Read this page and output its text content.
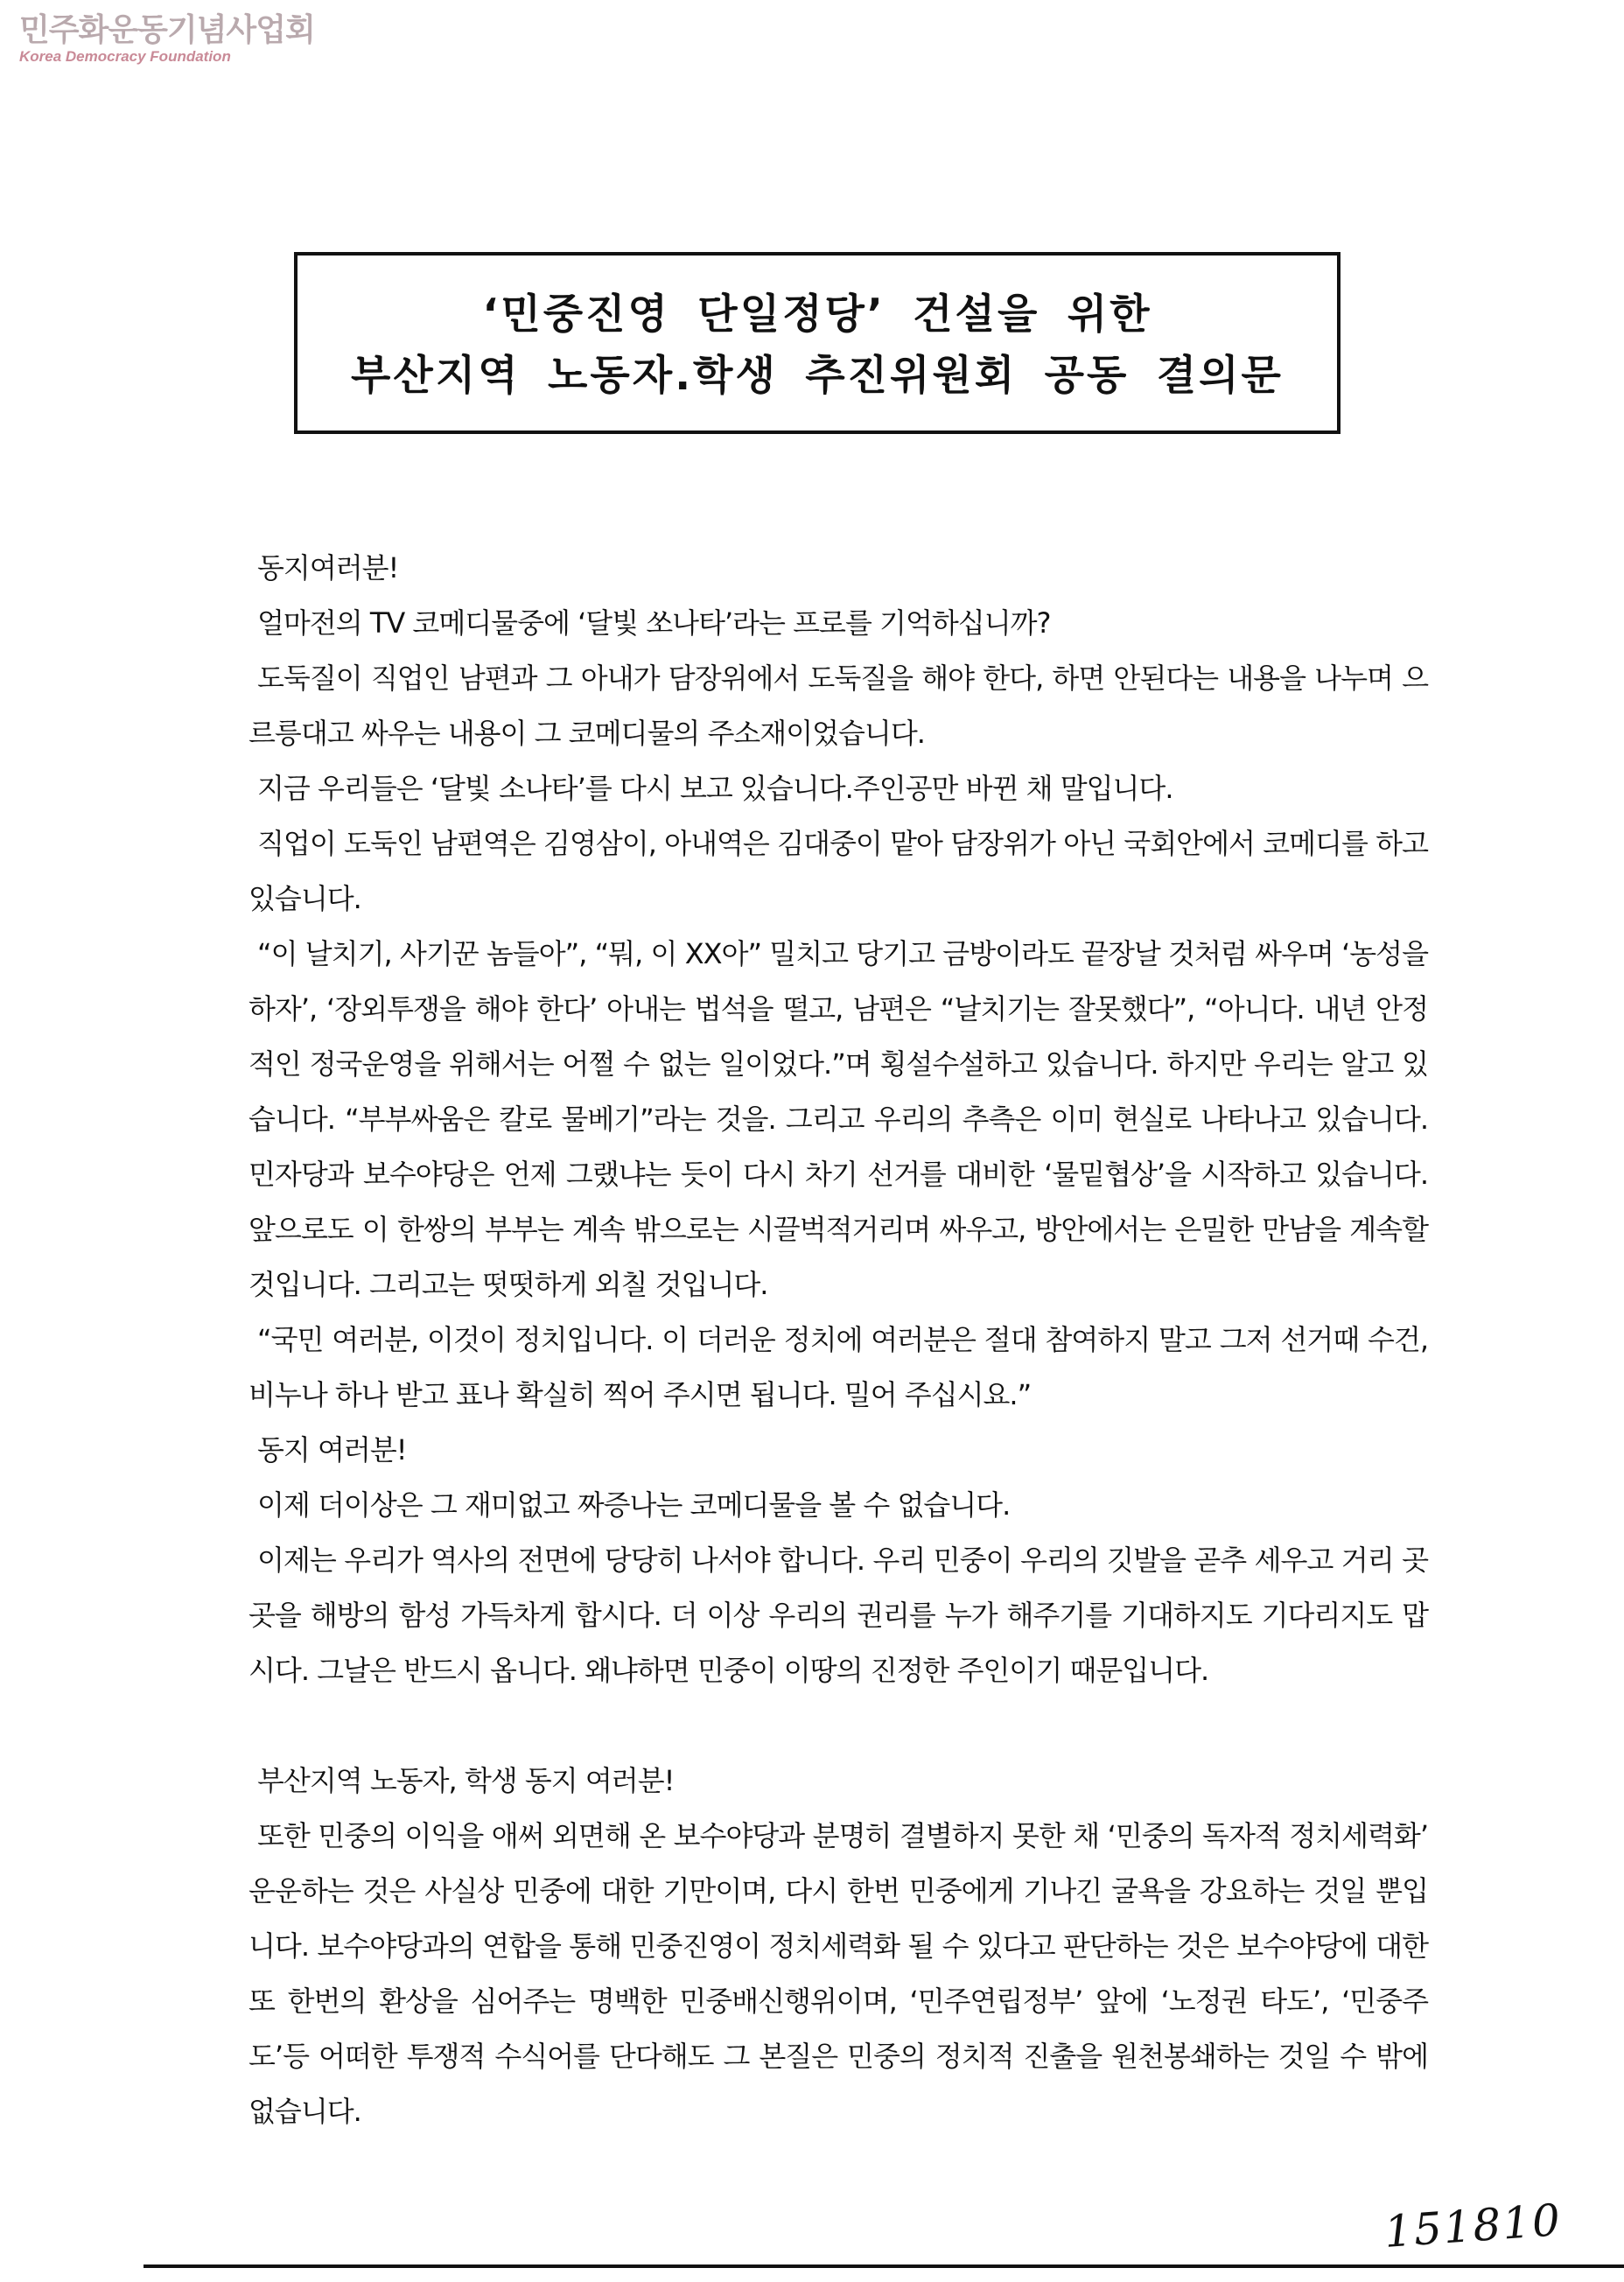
민주화운동기념사업회
Korea Democracy Foundation
‘민중진영 단일정당’ 건설을 위한
부산지역 노동자.학생 추진위원회 공동 결의문

동지여러분!

얼마전의 TV 코메디물중에 ‘달빛 쏘나타’라는 프로를 기억하십니까?

도둑질이 직업인 남편과 그 아내가 담장위에서 도둑질을 해야 한다, 하면 안된다는 내용을 나누며 으르릉대고 싸우는 내용이 그 코메디물의 주소재이었습니다.

지금 우리들은 ‘달빛 소나타’를 다시 보고 있습니다.주인공만 바뀐 채 말입니다.

직업이 도둑인 남편역은 김영삼이, 아내역은 김대중이 맡아 담장위가 아닌 국회안에서 코메디를 하고 있습니다.

“이 날치기, 사기꾼 놈들아”, “뭐, 이 XX아” 밀치고 당기고 금방이라도 끝장날 것처럼 싸우며 ‘농성을 하자’, ‘장외투쟁을 해야 한다’ 아내는 법석을 떨고, 남편은 “날치기는 잘못했다”, “아니다. 내년 안정적인 정국운영을 위해서는 어쩔 수 없는 일이었다.”며 횡설수설하고 있습니다. 하지만 우리는 알고 있습니다. “부부싸움은 칼로 물베기”라는 것을. 그리고 우리의 추측은 이미 현실로 나타나고 있습니다. 민자당과 보수야당은 언제 그랬냐는 듯이 다시 차기 선거를 대비한 ‘물밑협상’을 시작하고 있습니다. 앞으로도 이 한쌍의 부부는 계속 밖으로는 시끌벅적거리며 싸우고, 방안에서는 은밀한 만남을 계속할 것입니다. 그리고는 떳떳하게 외칠 것입니다.

“국민 여러분, 이것이 정치입니다. 이 더러운 정치에 여러분은 절대 참여하지 말고 그저 선거때 수건, 비누나 하나 받고 표나 확실히 찍어 주시면 됩니다. 밀어 주십시요.”

동지 여러분!

이제 더이상은 그 재미없고 짜증나는 코메디물을 볼 수 없습니다.

이제는 우리가 역사의 전면에 당당히 나서야 합니다. 우리 민중이 우리의 깃발을 곧추 세우고 거리 곳곳을 해방의 함성 가득차게 합시다. 더 이상 우리의 권리를 누가 해주기를 기대하지도 기다리지도 맙시다. 그날은 반드시 옵니다. 왜냐하면 민중이 이땅의 진정한 주인이기 때문입니다.

부산지역 노동자, 학생 동지 여러분!

또한 민중의 이익을 애써 외면해 온 보수야당과 분명히 결별하지 못한 채 ‘민중의 독자적 정치세력화’ 운운하는 것은 사실상 민중에 대한 기만이며, 다시 한번 민중에게 기나긴 굴욕을 강요하는 것일 뿐입니다. 보수야당과의 연합을 통해 민중진영이 정치세력화 될 수 있다고 판단하는 것은 보수야당에 대한 또 한번의 환상을 심어주는 명백한 민중배신행위이며, ‘민주연립정부’ 앞에 ‘노정권 타도’, ‘민중주도’등 어떠한 투쟁적 수식어를 단다해도 그 본질은 민중의 정치적 진출을 원천봉쇄하는 것일 수 밖에 없습니다.

151810
